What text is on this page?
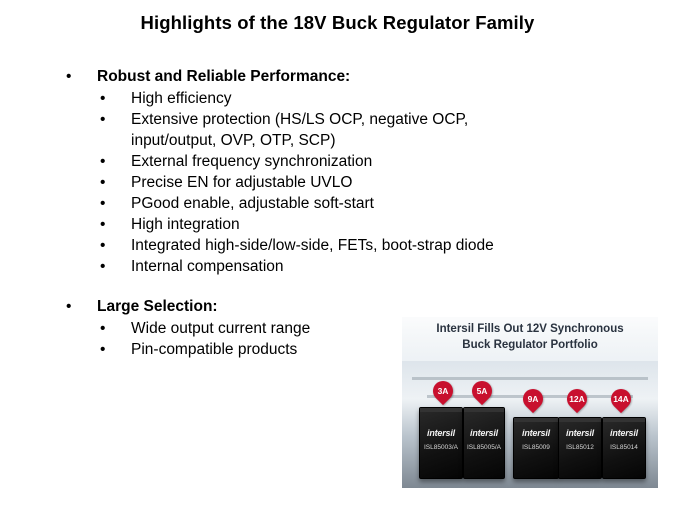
Highlights of the 18V Buck Regulator Family
• Robust and Reliable Performance:
• High efficiency
• Extensive protection (HS/LS OCP, negative OCP,
input/output, OVP, OTP, SCP)
• External frequency synchronization
• Precise EN for adjustable UVLO
• PGood enable, adjustable soft-start
• High integration
• Integrated high-side/low-side, FETs, boot-strap diode
• Internal compensation
• Large Selection:
• Wide output current range
• Pin-compatible products
Intersil Fills Out 12V Synchronous
Buck Regulator Portfolio
intersil
ISL85003/A
intersil
ISL85005/A
intersil
ISL85009
intersil
ISL85012
intersil
ISL85014
3A	5A
9A	12A	14A
